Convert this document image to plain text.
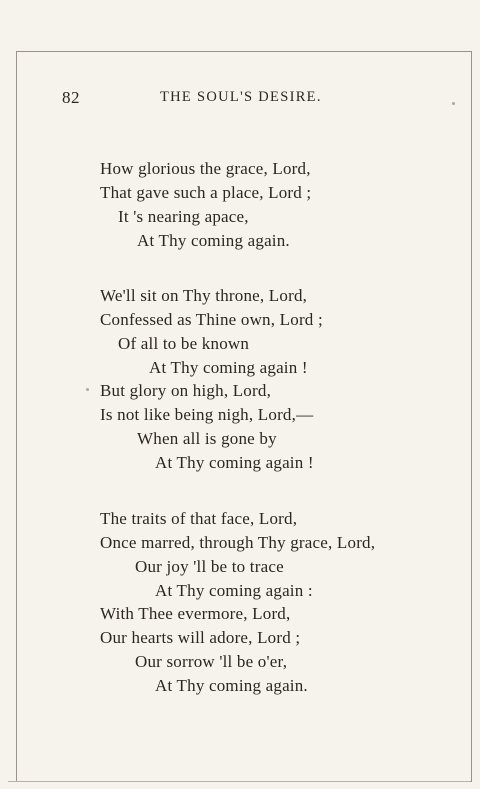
82	THE SOUL'S DESIRE.
How glorious the grace, Lord,
That gave such a place, Lord ;
It 's nearing apace,
At Thy coming again.
We'll sit on Thy throne, Lord,
Confessed as Thine own, Lord ;
Of all to be known
At Thy coming again !
But glory on high, Lord,
Is not like being nigh, Lord,—
When all is gone by
At Thy coming again !
The traits of that face, Lord,
Once marred, through Thy grace, Lord,
Our joy 'll be to trace
At Thy coming again :
With Thee evermore, Lord,
Our hearts will adore, Lord ;
Our sorrow 'll be o'er,
At Thy coming again.
